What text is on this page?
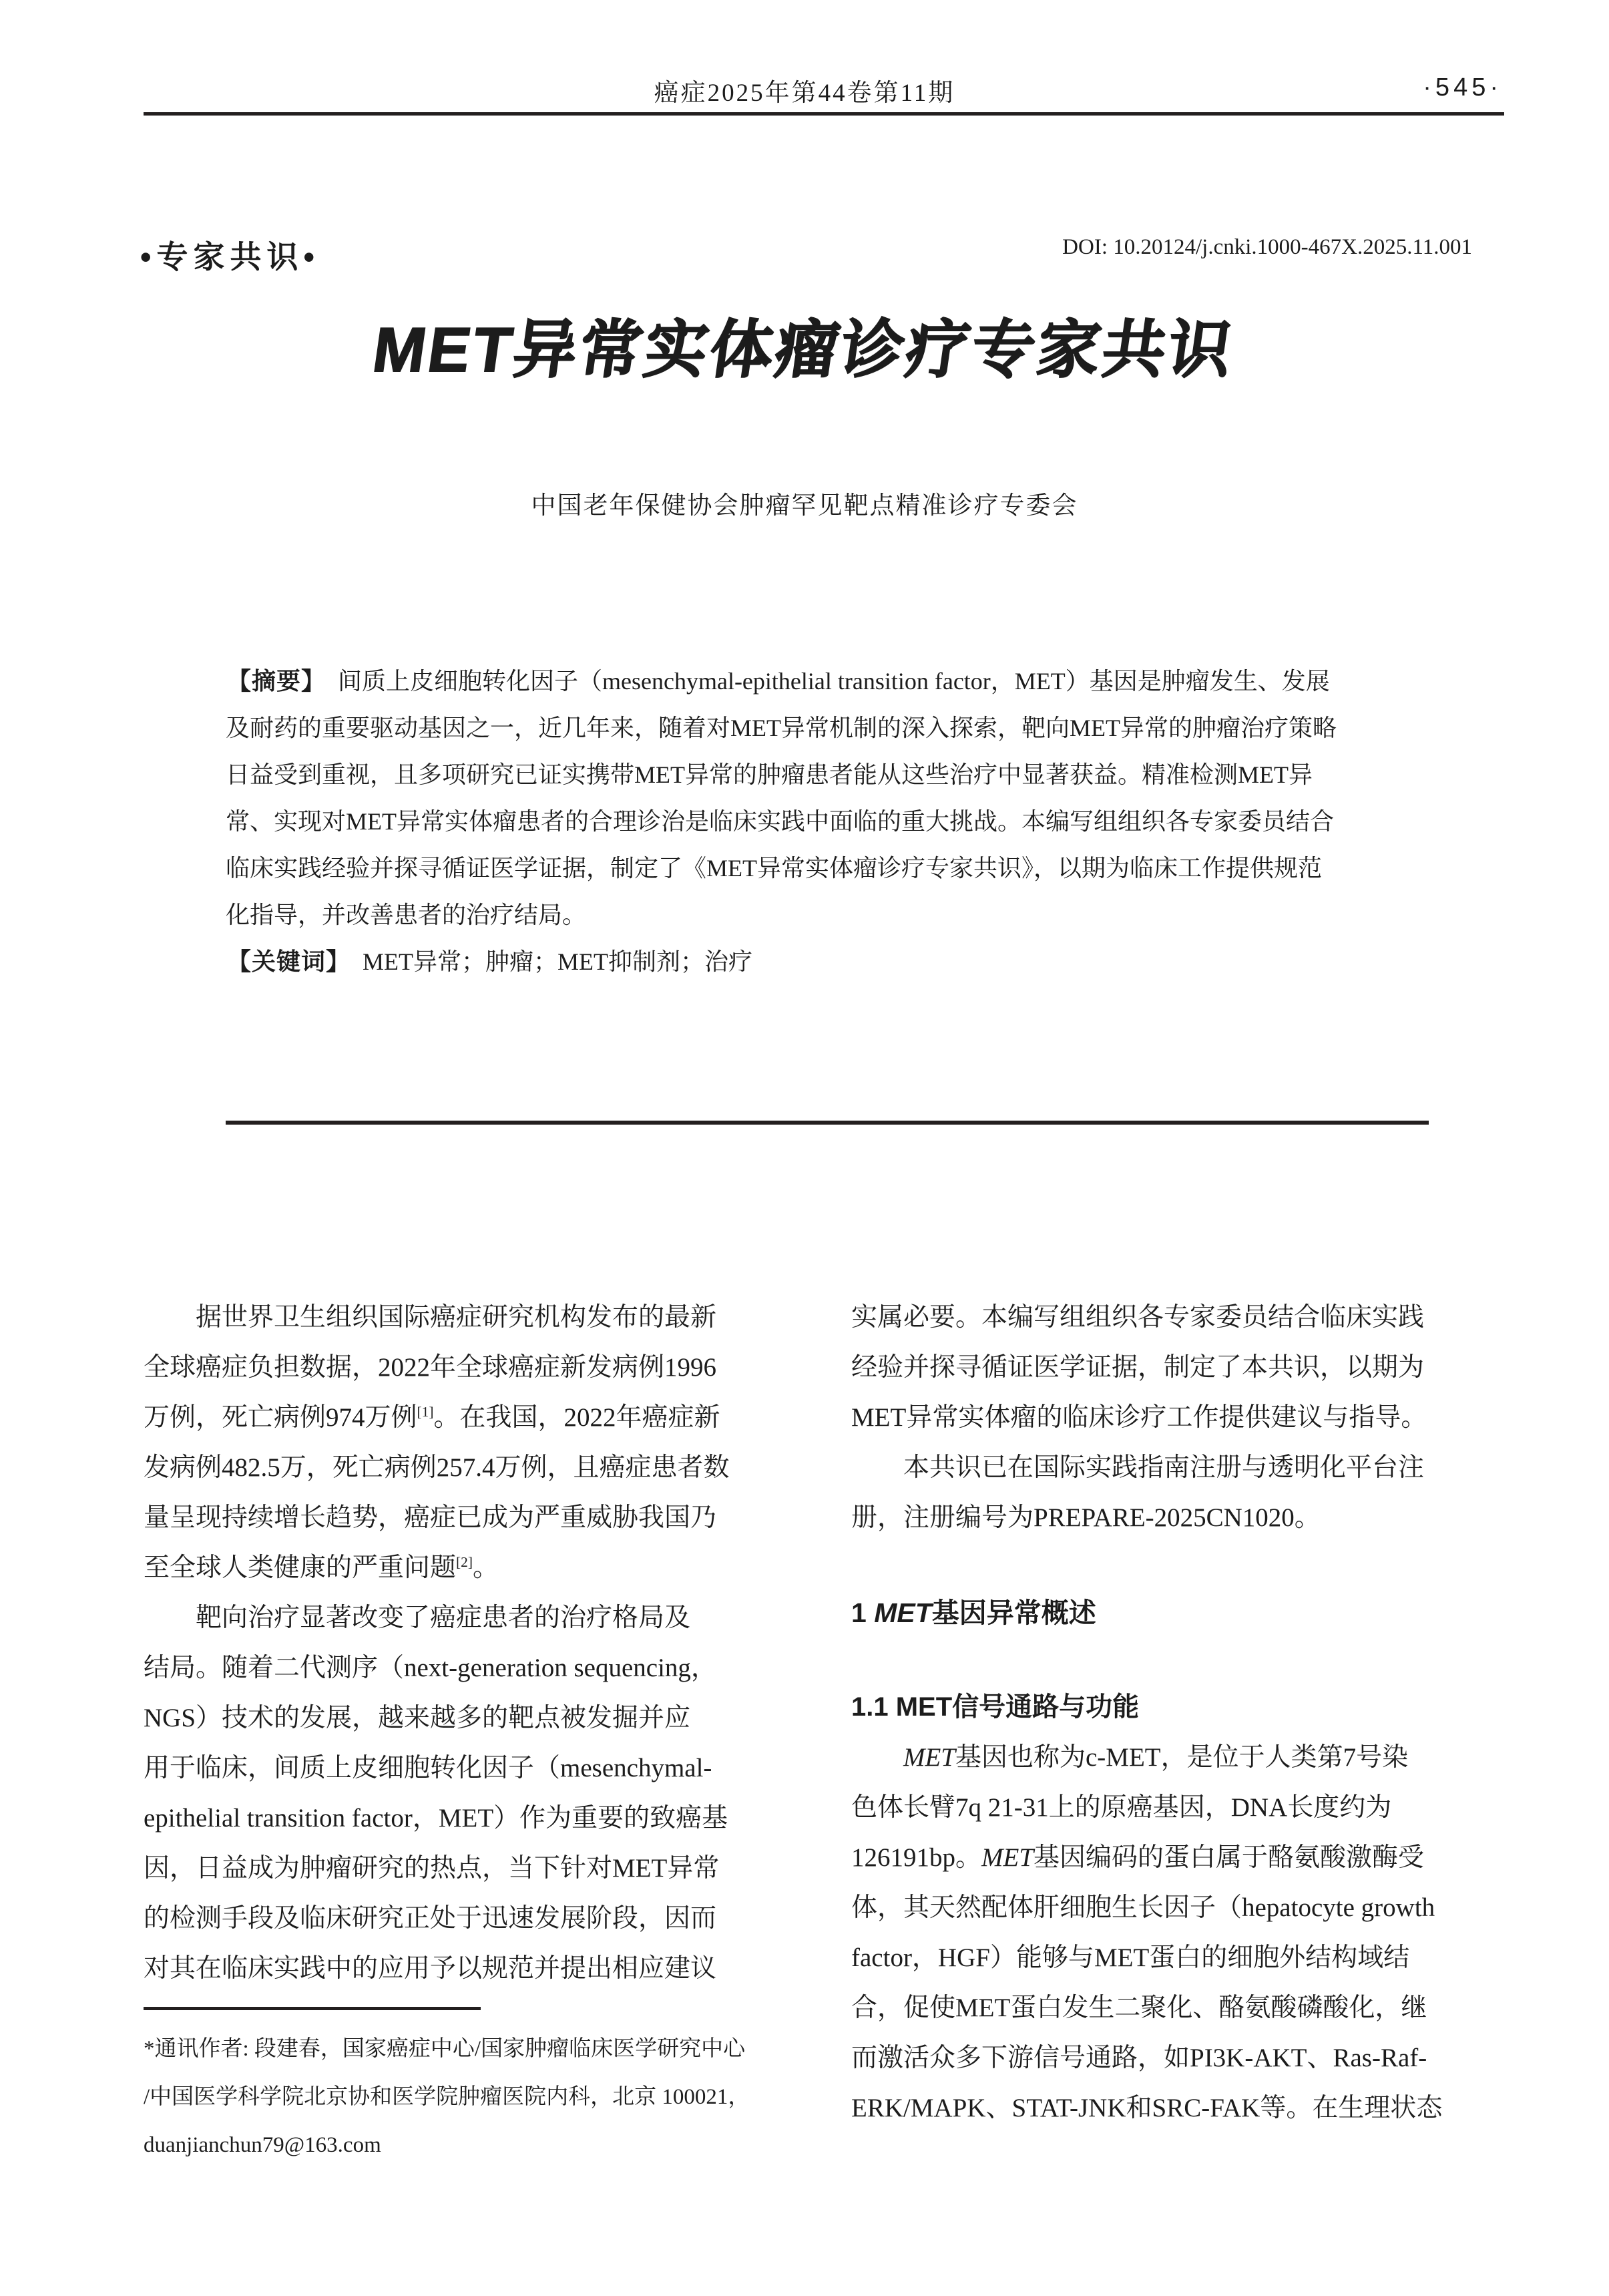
癌症2025年第44卷第11期	·545·
•专家共识•	DOI: 10.20124/j.cnki.1000-467X.2025.11.001
MET异常实体瘤诊疗专家共识
中国老年保健协会肿瘤罕见靶点精准诊疗专委会
【摘要】 间质上皮细胞转化因子（mesenchymal-epithelial transition factor，MET）基因是肿瘤发生、发展
及耐药的重要驱动基因之一，近几年来，随着对MET异常机制的深入探索，靶向MET异常的肿瘤治疗策略
日益受到重视，且多项研究已证实携带MET异常的肿瘤患者能从这些治疗中显著获益。精准检测MET异
常、实现对MET异常实体瘤患者的合理诊治是临床实践中面临的重大挑战。本编写组组织各专家委员结合
临床实践经验并探寻循证医学证据，制定了《MET异常实体瘤诊疗专家共识》，以期为临床工作提供规范
化指导，并改善患者的治疗结局。
【关键词】 MET异常；肿瘤；MET抑制剂；治疗
据世界卫生组织国际癌症研究机构发布的最新
全球癌症负担数据，2022年全球癌症新发病例1996
万例，死亡病例974万例[1]。在我国，2022年癌症新
发病例482.5万，死亡病例257.4万例，且癌症患者数
量呈现持续增长趋势，癌症已成为严重威胁我国乃
至全球人类健康的严重问题[2]。
靶向治疗显著改变了癌症患者的治疗格局及
结局。随着二代测序（next-generation sequencing，
NGS）技术的发展，越来越多的靶点被发掘并应
用于临床，间质上皮细胞转化因子（mesenchymal-
epithelial transition factor，MET）作为重要的致癌基
因，日益成为肿瘤研究的热点，当下针对MET异常
的检测手段及临床研究正处于迅速发展阶段，因而
对其在临床实践中的应用予以规范并提出相应建议
*通讯作者: 段建春，国家癌症中心/国家肿瘤临床医学研究中心
/中国医学科学院北京协和医学院肿瘤医院内科，北京 100021，
duanjianchun79@163.com
实属必要。本编写组组织各专家委员结合临床实践
经验并探寻循证医学证据，制定了本共识，以期为
MET异常实体瘤的临床诊疗工作提供建议与指导。
本共识已在国际实践指南注册与透明化平台注
册，注册编号为PREPARE-2025CN1020。
1 MET基因异常概述
1.1 MET信号通路与功能
MET基因也称为c-MET，是位于人类第7号染
色体长臂7q 21-31上的原癌基因，DNA长度约为
126191bp。MET基因编码的蛋白属于酪氨酸激酶受
体，其天然配体肝细胞生长因子（hepatocyte growth
factor，HGF）能够与MET蛋白的细胞外结构域结
合，促使MET蛋白发生二聚化、酪氨酸磷酸化，继
而激活众多下游信号通路，如PI3K-AKT、Ras-Raf-
ERK/MAPK、STAT-JNK和SRC-FAK等。在生理状态
